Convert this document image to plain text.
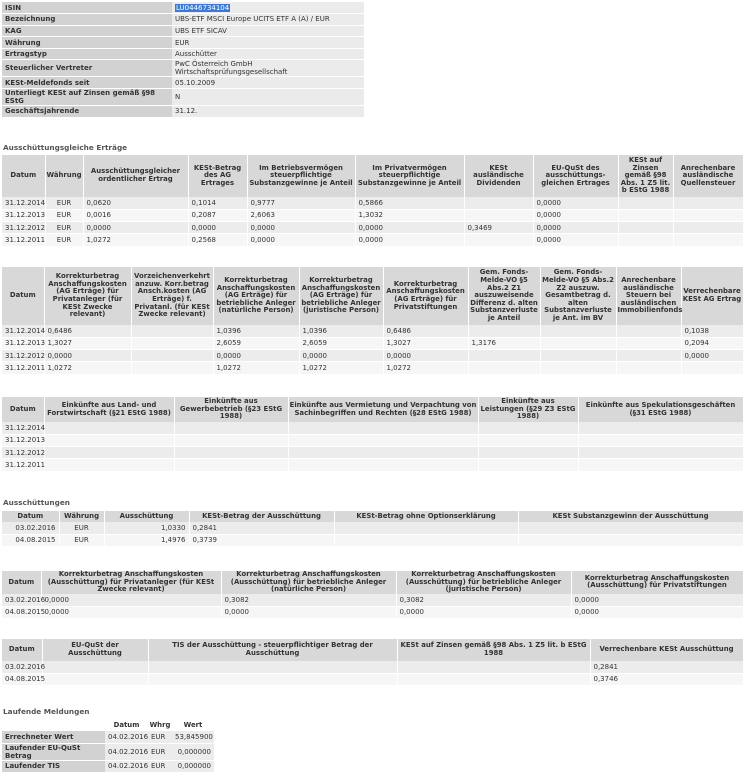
ISIN	LU0446734104
Bezeichnung	UBS-ETF MSCI Europe UCITS ETF A (A) / EUR
KAG	UBS ETF SICAV
Währung	EUR
Ertragstyp	Ausschütter
Steuerlicher Vertreter	PwC Österreich GmbH Wirtschaftsprüfungsgesellschaft
KESt-Meldefonds seit	05.10.2009
Unterliegt KESt auf Zinsen gemäß §98 EStG	N
Geschäftsjahrende	31.12.
Ausschüttungsgleiche Erträge
Datum	Währung	Ausschüttungsgleicher ordentlicher Ertrag	KESt-Betrag des AG Ertrages	Im Betriebsvermögen steuerpflichtige Substanzgewinne je Anteil	Im Privatvermögen steuerpflichtige Substanzgewinne je Anteil	KESt ausländische Dividenden	EU-QuSt des ausschüttungs-gleichen Ertrages	KESt auf Zinsen gemäß §98 Abs. 1 Z5 lit. b EStG 1988	Anrechenbare ausländische Quellensteuer
31.12.2014	EUR	0,0620	0,1014	0,9777	0,5866		0,0000		
31.12.2013	EUR	0,0016	0,2087	2,6063	1,3032		0,0000		
31.12.2012	EUR	0,0000	0,0000	0,0000	0,0000	0,3469	0,0000		
31.12.2011	EUR	1,0272	0,2568	0,0000	0,0000		0,0000		
Datum	Korrekturbetrag Anschaffungskosten (AG Erträge) für Privatanleger (für KESt Zwecke relevant)	Vorzeichenverkehrt anzuw. Korr.betrag Ansch.kosten (AG Erträge) f. Privatanl. (für KESt Zwecke relevant)	Korrekturbetrag Anschaffungskosten (AG Erträge) für betriebliche Anleger (natürliche Person)	Korrekturbetrag Anschaffungskosten (AG Erträge) für betriebliche Anleger (juristische Person)	Korrekturbetrag Anschaffungskosten (AG Erträge) für Privatstiftungen	Gem. Fonds-Melde-VO §5 Abs.2 Z1 auszuweisende Differenz d. alten Substanzverluste je Anteil	Gem. Fonds-Melde-VO §5 Abs.2 Z2 auszuw. Gesamtbetrag d. alten Substanzverluste je Ant. im BV	Anrechenbare ausländische Steuern bei ausländischen Immobilienfonds	Verrechenbare KESt AG Ertrag
31.12.2014	0,6486		1,0396	1,0396	0,6486				0,1038
31.12.2013	1,3027		2,6059	2,6059	1,3027	1,3176			0,2094
31.12.2012	0,0000		0,0000	0,0000	0,0000				0,0000
31.12.2011	1,0272		1,0272	1,0272	1,0272				
Datum	Einkünfte aus Land- und Forstwirtschaft (§21 EStG 1988)	Einkünfte aus Gewerbebetrieb (§23 EStG 1988)	Einkünfte aus Vermietung und Verpachtung von Sachinbegriffen und Rechten (§28 EStG 1988)	Einkünfte aus Leistungen (§29 Z3 EStG 1988)	Einkünfte aus Spekulationsgeschäften (§31 EStG 1988)
31.12.2014					
31.12.2013					
31.12.2012					
31.12.2011					
Ausschüttungen
Datum	Währung	Ausschüttung	KESt-Betrag der Ausschüttung	KESt-Betrag ohne Optionserklärung	KESt Substanzgewinn der Ausschüttung
03.02.2016	EUR	1,0330	0,2841		
04.08.2015	EUR	1,4976	0,3739		
Datum	Korrekturbetrag Anschaffungskosten (Ausschüttung) für Privatanleger (für KESt Zwecke relevant)	Korrekturbetrag Anschaffungskosten (Ausschüttung) für betriebliche Anleger (natürliche Person)	Korrekturbetrag Anschaffungskosten (Ausschüttung) für betriebliche Anleger (juristische Person)	Korrekturbetrag Anschaffungskosten (Ausschüttung) für Privatstiftungen
03.02.2016	0,0000	0,3082	0,3082	0,0000
04.08.2015	0,0000	0,0000	0,0000	0,0000
Datum	EU-QuSt der Ausschüttung	TIS der Ausschüttung - steuerpflichtiger Betrag der Ausschüttung	KESt auf Zinsen gemäß §98 Abs. 1 Z5 lit. b EStG 1988	Verrechenbare KESt Ausschüttung
03.02.2016				0,2841
04.08.2015				0,3746
Laufende Meldungen
	Datum	Whrg	Wert
Errechneter Wert	04.02.2016	EUR	53,845900
Laufender EU-QuSt Betrag	04.02.2016	EUR	0,000000
Laufender TIS	04.02.2016	EUR	0,000000
